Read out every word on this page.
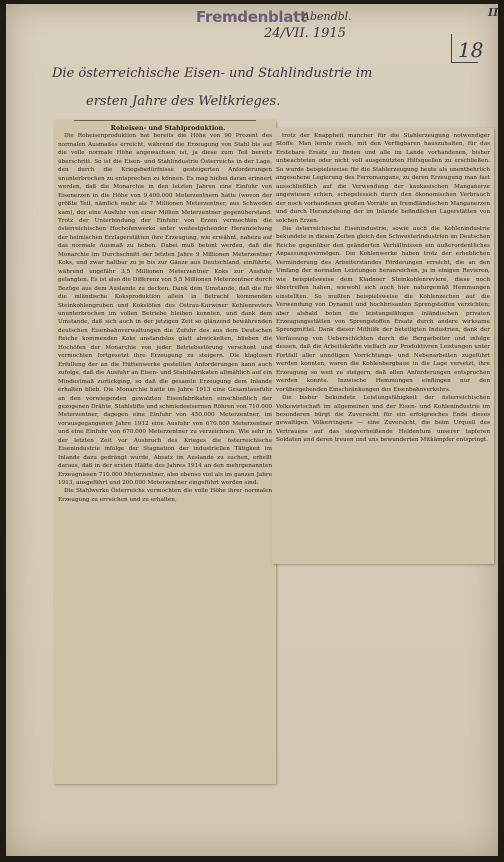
Fremdenblatt
Abendbl.
24/VII. 1915
II
18
Die österreichische Eisen- und Stahlindustrie im
ersten Jahre des Weltkrieges.

Roheisen- und Stahlproduktion.

Die Roheisenproduktion hat bereits die Höhe von 90 Prozent des normalen Ausmaßes erreicht, während die Erzeugung von Stahl bis auf die volle normale Höhe angewachsen ist, ja diese zum Teil bereits überschritt. So ist die Eisen- und Stahlindustrie Österreichs in der Lage, den durch die Kriegsbedürfnisse gesteigerten Anforderungen ununterbrochen zu entsprechen zu können. Es mag hiebei daran erinnert werden, daß die Monarchie in den letzten Jahren eine Einfuhr von Eisenerzen in die Höhe von 9,400.000 Meterzentnern hatte (wovon der größte Teil, nämlich mehr als 7 Millionen Meterzentner, aus Schweden kam), der eine Ausfuhr von einer Million Meterzentner gegenüberstand. Trotz der Unterbindung der Einfuhr von Erzen vermochten die österreichischen Hochofenwerke unter weitestgehender Heranziehung der heimischen Erzlagerstätten ihre Erzeugung, wie erwähnt, nahezu auf das normale Ausmaß zu heben. Dabei muß betont werden, daß die Monarchie im Durchschnitt der letzten Jahre 9 Millionen Meterzentner Koks, und zwar haltbar zu je bis zur Gänze aus Deutschland, einführte, während ungefähr 3,5 Millionen Meterzentner Koks zur Ausfuhr gelangten. Es ist also die Differenz von 5,5 Millionen Meterzentner durch Bezüge aus dem Auslande zu decken. Dank dem Umstande, daß die für die inländische Koksproduktion allein in Betracht kommenden Steinkohlengruben und Kokslöfen des Ostrau-Karwiner Kohlenreviers ununterbrochen im vollen Betriebe bleiben konnten, und dank dem Umstande, daß sich auch in der jetzigen Zeit so glänzend bewährenden deutschen Eisenbahnverwaltungen die Zufuhr des aus dem Deutschen Reiche kommenden Koks anstandslos glatt abwickelten, blieben die Hochöfen der Monarchie von jeder Betriebsstörung verschont und vermochten fortgesetzt ihre Erzeugung zu steigern. Die klaglosen Erfüllung der an die Hüttenwerke gestellten Anforderungen kann auch zufolge, daß die Ausfuhr an Eisen- und Stahlfabrikaten allmählich auf ein Mindestmaß zurückging, so daß die gesamte Erzeugung dem Inlande erhalten blieb. Die Monarchie hatte im Jahre 1913 eine Gesamtausfuhr an den vorwiegenden gewalzten Eisenfabrikaten einschließlich der gezogenen Drähte, Stahlstifte und schmiedeeisernen Röhren von 710.000 Meterzentner, dagegen eine Einfuhr von 450.000 Meterzentner, im vorausgegangenen Jahre 1912 eine Ausfuhr von 670.000 Meterzentner und eine Einfuhr von 670.000 Meterzentner zu verzeichnen. Wie sehr in der letzten Zeit vor Ausbruch des Krieges die österreichische Eisenindustrie infolge der Stagnation der industriellen Tätigkeit im Inlande dazu gedrängt wurde, Absatz im Auslande zu suchen, erhellt daraus, daß in der ersten Hälfte des Jahres 1914 an den mehrgenannten Erzeugnissen 710.000 Meterzentner, also ebenso viel als im ganzen Jahre 1913, ausgeführt und 200.000 Meterzentner eingeführt worden sind.

Die Stahlwerke Österreichs vermochten die volle Höhe ihrer normalen Erzeugung zu erreichen und zu erhalten,

trotz der Knappheit mancher für die Stahlerzeugung notwendiger Stoffe. Man lernte rasch, mit den Verfügbaren hauszuhalten, für das Erstebare Ersatz zu finden und alle im Lande vorhandenen, bisher unbeachteten oder nicht voll ausgenützten Hilfsquellen zu erschließen. So wurde beispielsweise für die Stahlerzeugung heute als unentbehrlich angesehene Legierung des Ferromangans, zu deren Erzeugung man fast ausschließlich auf die Verwendung der kaukasischen Manganerze angewiesen schien, schegelessich durch den ökonomischen Verbrauch der noch vorhandenen großen Vorräte an fremdländischen Manganerzen und durch Heranziehung der im Inlande befindlichen Lagerstätten von solchen Erzen.

Die österreichische Eisenindustrie, sowie auch die Kohlenindustrie bekundete in diesen Zeiten gleich den Schwesterindustrien im Deutschen Reiche gegenüber den geänderten Verhältnissen ein außerordentliches Anpassungsvermögen. Die Kohlenwerke haben trotz der erheblichen Verminderung des Arbeiterstandes Förderungen erreicht, die an den Umfang der normalen Leistungen heranreichen, ja in einigen Revieren, wie beispielsweise dem Kladnoer Steinkohlenreviere, diese noch übertreffen haben, wiewohl sich auch hier naturgemäß Hemmungen einstellten. So mußten beispielsweise die Kohlenzechen auf die Verwendung von Dynamit und hochbrisanten Sprengstoffen verzichten; aber alsbald boten die leistungsfähigen inländischen privaten Erzeugungsstätten von Sprengstoffen Ersatz durch andere wirksame Sprengmittel. Dank dieser Mithilfe der beteiligten Industrien, dank der Verfassung von Ueberschichten durch die Bergarbeiter und infolge dessen, daß die Arbeitskräfte vielfach zur Produktivren Leistungen unter Fortfall aller unnötigen Vorrichtungs- und Nebenarbeiten zugeführt werden konnten, waren die Kohlenbergbaue in die Lage versetzt, ihre Erzeugung so weit zu steigern, daß allen Anforderungen entsprochen werden konnte. Inzwische Hemmungen einflingen nur den vorübergehenden Einschränkungen des Eisenbahnverkehrs.

Die bisher bekundete Leistungsfähigkeit der österreichischen Volkswirtschaft im allgemeinen und der Eisen- und Kohlenindustrie im besonderen bürgt die Zuversicht für ein erfolgreiches Ende dieses gewaltigen Völkerringens — eine Zuversicht, die beim Urquell des Vertrauens auf das siegverheißende Heldentum unserer tapferen Soldaten und deren treuen und uns bewunderten Mitkämpfer entspringt.
